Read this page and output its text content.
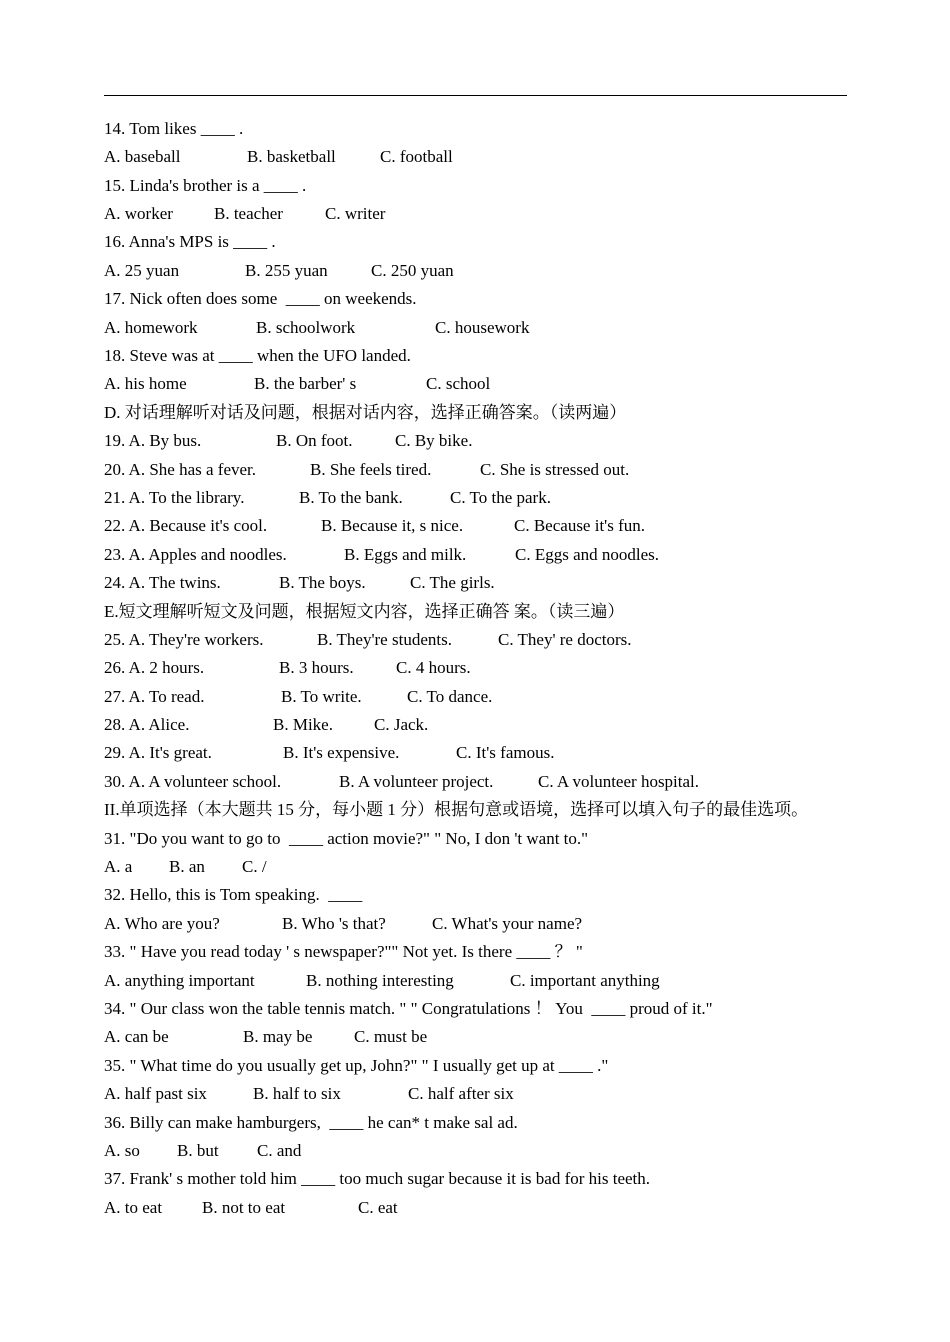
14. Tom likes ____ .
A. baseball	B. basketball	C. football
15. Linda's brother is a ____ .
A. worker B. teacher C. writer
16. Anna's MPS is ____ .
A. 25 yuan	B. 255 yuan	C. 250 yuan
17. Nick often does some  ____ on weekends.
A. homework	B. schoolwork	C. housework
18. Steve was at ____ when the UFO landed.
A. his home	B. the barber' s	C. school
D. 对话理解听对话及问题，根据对话内容，选择正确答案。（读两遍）
19. A. By bus.	B. On foot.	C. By bike.
20. A. She has a fever.	B. She feels tired.	C. She is stressed out.
21. A. To the library.	B. To the bank.	C. To the park.
22. A. Because it's cool.	B. Because it, s nice.	C. Because it's fun.
23. A. Apples and noodles.	B. Eggs and milk.	C. Eggs and noodles.
24. A. The twins.	B. The boys.	C. The girls.
E.短文理解听短文及问题，根据短文内容，选择正确答 案。（读三遍）
25. A. They're workers.	B. They're students.	C. They' re doctors.
26. A. 2 hours.	B. 3 hours. C. 4 hours.
27. A. To read.	B. To write.	C. To dance.
28. A. Alice.	B. Mike. C. Jack.
29. A. It's great.	B. It's expensive.	C. It's famous.
30. A. A volunteer school.	B. A volunteer project.	C. A volunteer hospital.
II.单项选择（本大题共 15 分，每小题 1 分）根据句意或语境，选择可以填入句子的最佳选项。
31. "Do you want to go to  ____ action movie?" " No, I don 't want to."
A. a B. an C. /
32. Hello, this is Tom speaking.  ____
A. Who are you?	B. Who 's that?	C. What's your name?
33. " Have you read today ' s newspaper?"" Not yet. Is there ____ ？ "
A. anything important	B. nothing interesting	C. important anything
34. " Our class won the table tennis match. " " Congratulations ！ You  ____ proud of it."
A. can be	B. may be C. must be
35. " What time do you usually get up, John?" " I usually get up at ____ ."
A. half past six	B. half to six	C. half after six
36. Billy can make hamburgers,  ____ he can* t make sal ad.
A. so B. but C. and
37. Frank' s mother told him ____ too much sugar because it is bad for his teeth.
A. to eat B. not to eat	C. eat
